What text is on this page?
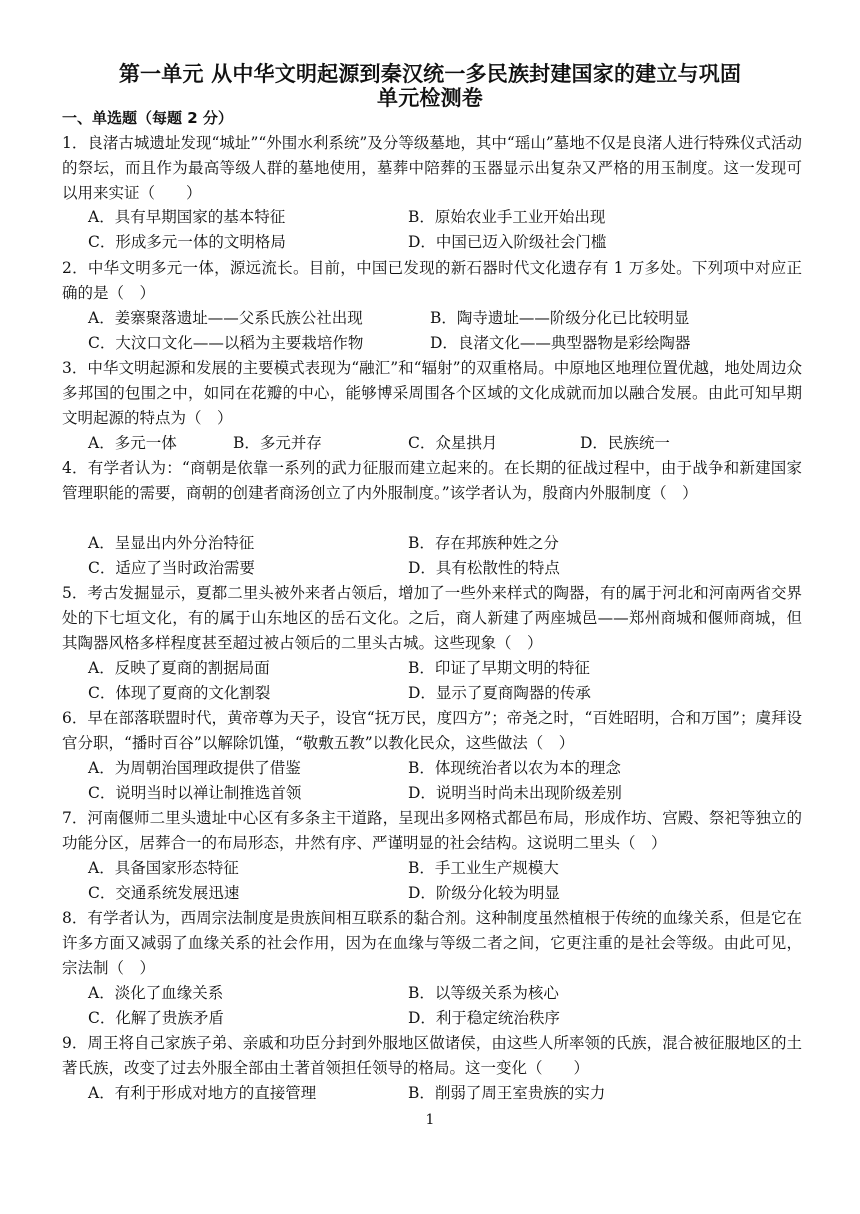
第一单元 从中华文明起源到秦汉统一多民族封建国家的建立与巩固
单元检测卷
一、单选题（每题 2 分）
1．良渚古城遗址发现“城址”“外围水利系统”及分等级墓地，其中“瑶山”墓地不仅是良渚人进行特殊仪式活动的祭坛，而且作为最高等级人群的墓地使用，墓葬中陪葬的玉器显示出复杂又严格的用玉制度。这一发现可以用来实证（　　）
A．具有早期国家的基本特征	B．原始农业手工业开始出现
C．形成多元一体的文明格局	D．中国已迈入阶级社会门槛
2．中华文明多元一体，源远流长。目前，中国已发现的新石器时代文化遗存有 1 万多处。下列项中对应正确的是（　）
A．姜寨聚落遗址——父系氏族公社出现	B．陶寺遗址——阶级分化已比较明显
C．大汶口文化——以稻为主要栽培作物	D．良渚文化——典型器物是彩绘陶器
3．中华文明起源和发展的主要模式表现为“融汇”和“辐射”的双重格局。中原地区地理位置优越，地处周边众多邦国的包围之中，如同在花瓣的中心，能够博采周围各个区域的文化成就而加以融合发展。由此可知早期文明起源的特点为（　）
A．多元一体	B．多元并存	C．众星拱月	D．民族统一
4．有学者认为：“商朝是依靠一系列的武力征服而建立起来的。在长期的征战过程中，由于战争和新建国家管理职能的需要，商朝的创建者商汤创立了内外服制度。”该学者认为，殷商内外服制度（　）
A．呈显出内外分治特征	B．存在邦族种姓之分
C．适应了当时政治需要	D．具有松散性的特点
5．考古发掘显示，夏都二里头被外来者占领后，增加了一些外来样式的陶器，有的属于河北和河南两省交界处的下七垣文化，有的属于山东地区的岳石文化。之后，商人新建了两座城邑——郑州商城和偃师商城，但其陶器风格多样程度甚至超过被占领后的二里头古城。这些现象（　）
A．反映了夏商的割据局面	B．印证了早期文明的特征
C．体现了夏商的文化割裂	D．显示了夏商陶器的传承
6．早在部落联盟时代，黄帝尊为天子，设官“抚万民，度四方”；帝尧之时，“百姓昭明，合和万国”；虞拜设官分职，“播时百谷”以解除饥馑，“敬敷五教”以教化民众，这些做法（　）
A．为周朝治国理政提供了借鉴	B．体现统治者以农为本的理念
C．说明当时以禅让制推选首领	D．说明当时尚未出现阶级差别
7．河南偃师二里头遗址中心区有多条主干道路，呈现出多网格式都邑布局，形成作坊、宫殿、祭祀等独立的功能分区，居葬合一的布局形态，井然有序、严谨明显的社会结构。这说明二里头（　）
A．具备国家形态特征	B．手工业生产规模大
C．交通系统发展迅速	D．阶级分化较为明显
8．有学者认为，西周宗法制度是贵族间相互联系的黏合剂。这种制度虽然植根于传统的血缘关系，但是它在许多方面又减弱了血缘关系的社会作用，因为在血缘与等级二者之间，它更注重的是社会等级。由此可见，宗法制（　）
A．淡化了血缘关系	B．以等级关系为核心
C．化解了贵族矛盾	D．利于稳定统治秩序
9．周王将自己家族子弟、亲戚和功臣分封到外服地区做诸侯，由这些人所率领的氏族，混合被征服地区的土著氏族，改变了过去外服全部由土著首领担任领导的格局。这一变化（　　）
A．有利于形成对地方的直接管理	B．削弱了周王室贵族的实力
1
